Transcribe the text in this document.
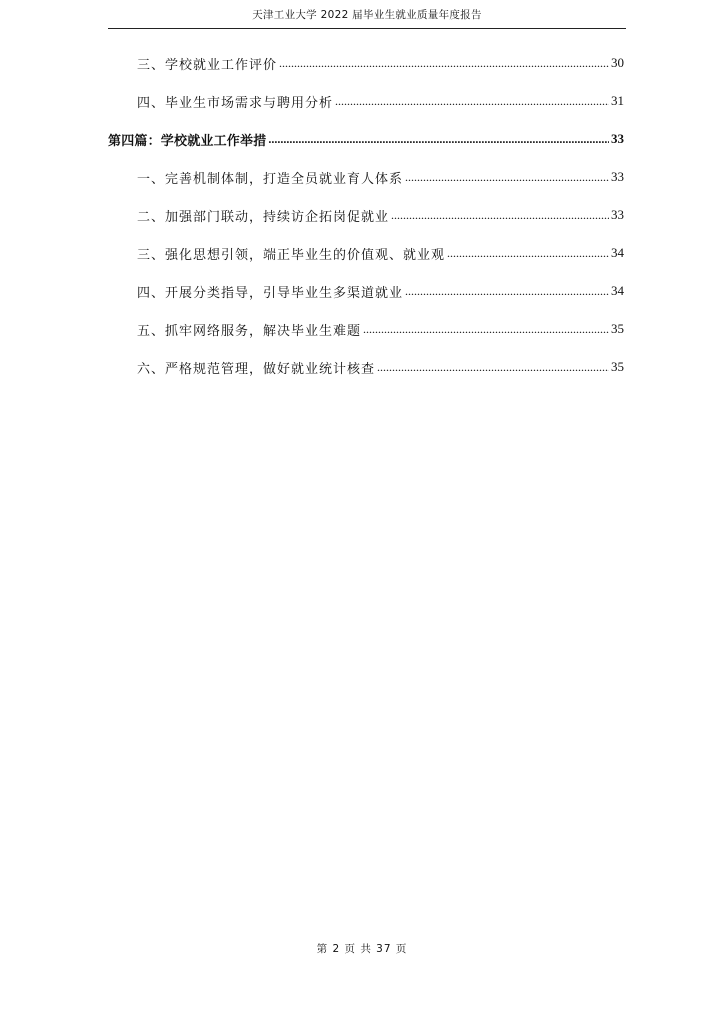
天津工业大学 2022 届毕业生就业质量年度报告
三、学校就业工作评价 .....	30
四、毕业生市场需求与聘用分析 .....	31
第四篇：学校就业工作举措 .....	33
一、完善机制体制，打造全员就业育人体系 .....	33
二、加强部门联动，持续访企拓岗促就业 .....	33
三、强化思想引领，端正毕业生的价值观、就业观 .....	34
四、开展分类指导，引导毕业生多渠道就业 .....	34
五、抓牢网络服务，解决毕业生难题 .....	35
六、严格规范管理，做好就业统计核查 .....	35
第 2 页 共 37 页
